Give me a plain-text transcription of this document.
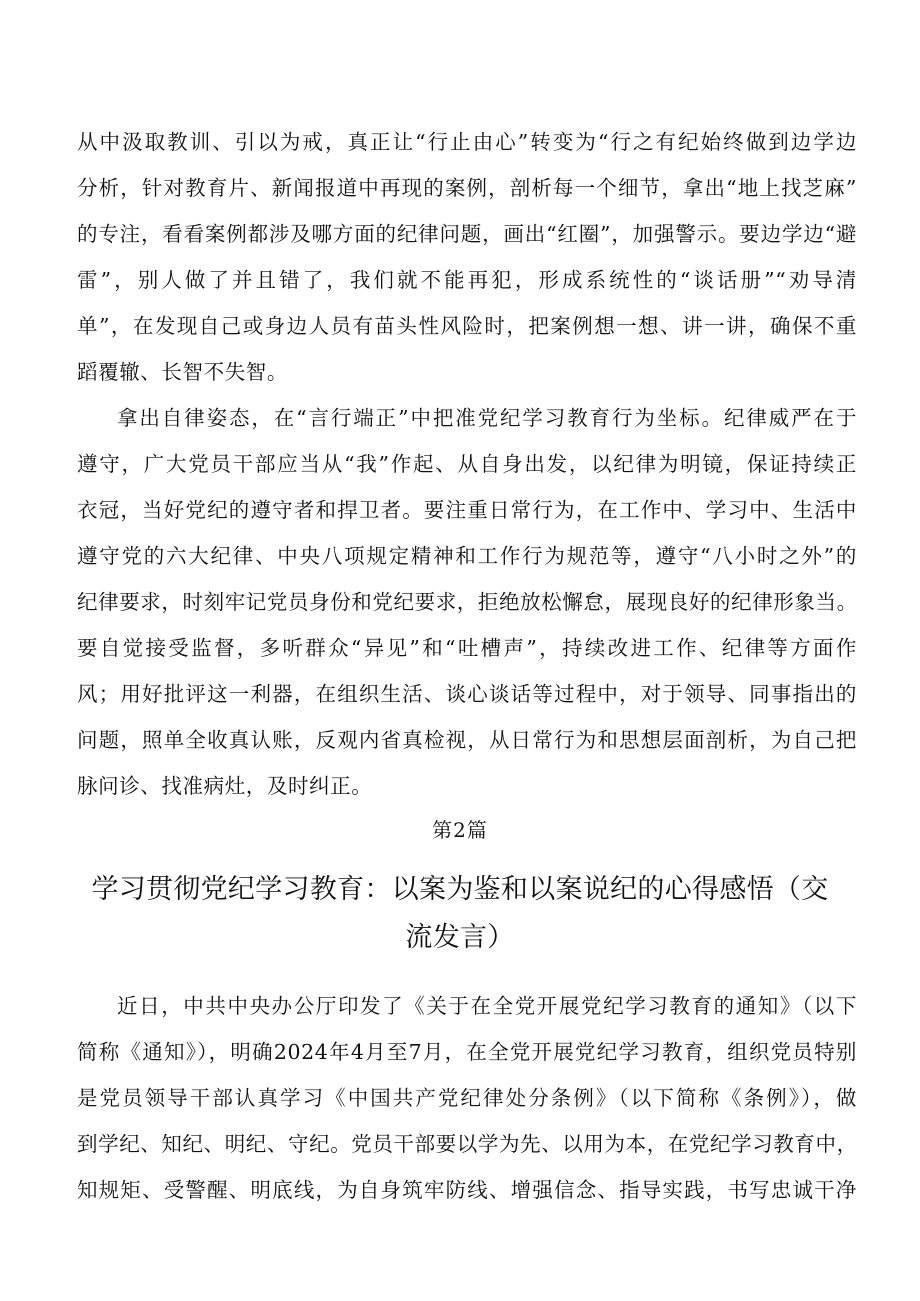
从中汲取教训、引以为戒，真正让“行止由心”转变为“行之有纪始终做到边学边
分析，针对教育片、新闻报道中再现的案例，剖析每一个细节，拿出“地上找芝麻”
的专注，看看案例都涉及哪方面的纪律问题，画出“红圈”，加强警示。要边学边“避
雷”，别人做了并且错了，我们就不能再犯，形成系统性的“谈话册”“劝导清
单”，在发现自己或身边人员有苗头性风险时，把案例想一想、讲一讲，确保不重
蹈覆辙、长智不失智。
拿出自律姿态，在“言行端正”中把准党纪学习教育行为坐标。纪律威严在于
遵守，广大党员干部应当从“我”作起、从自身出发，以纪律为明镜，保证持续正
衣冠，当好党纪的遵守者和捍卫者。要注重日常行为，在工作中、学习中、生活中
遵守党的六大纪律、中央八项规定精神和工作行为规范等，遵守“八小时之外”的
纪律要求，时刻牢记党员身份和党纪要求，拒绝放松懈怠，展现良好的纪律形象当。
要自觉接受监督，多听群众“异见”和“吐槽声”，持续改进工作、纪律等方面作
风；用好批评这一利器，在组织生活、谈心谈话等过程中，对于领导、同事指出的
问题，照单全收真认账，反观内省真检视，从日常行为和思想层面剖析，为自己把
脉问诊、找准病灶，及时纠正。
第2篇
学习贯彻党纪学习教育：以案为鉴和以案说纪的心得感悟（交
流发言）
近日，中共中央办公厅印发了《关于在全党开展党纪学习教育的通知》（以下
简称《通知》），明确2024年4月至7月，在全党开展党纪学习教育，组织党员特别
是党员领导干部认真学习《中国共产党纪律处分条例》（以下简称《条例》），做
到学纪、知纪、明纪、守纪。党员干部要以学为先、以用为本，在党纪学习教育中，
知规矩、受警醒、明底线，为自身筑牢防线、增强信念、指导实践，书写忠诚干净
